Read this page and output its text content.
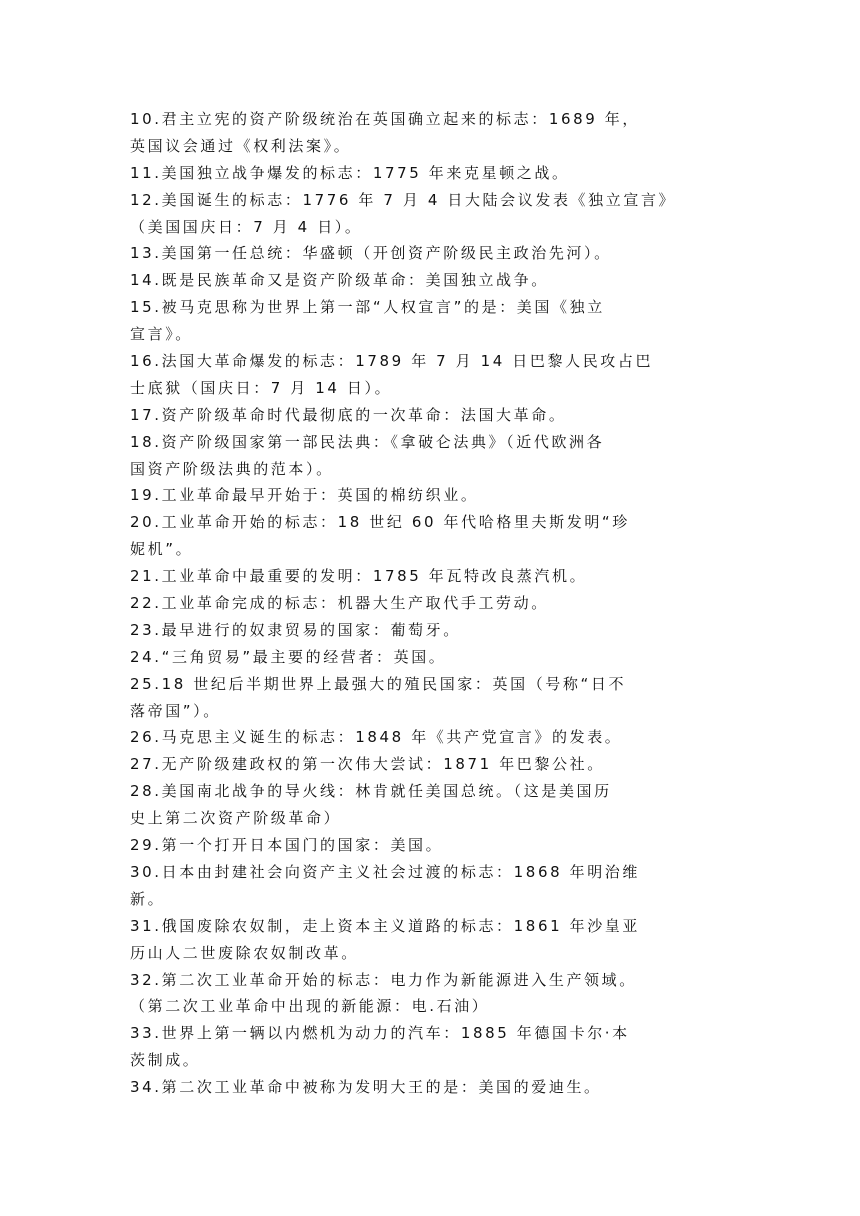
10.君主立宪的资产阶级统治在英国确立起来的标志：1689 年，
英国议会通过《权利法案》。
11.美国独立战争爆发的标志：1775 年来克星顿之战。
12.美国诞生的标志：1776 年 7 月 4 日大陆会议发表《独立宣言》
（美国国庆日：7 月 4 日）。
13.美国第一任总统：华盛顿（开创资产阶级民主政治先河）。
14.既是民族革命又是资产阶级革命：美国独立战争。
15.被马克思称为世界上第一部“人权宣言”的是：美国《独立
宣言》。
16.法国大革命爆发的标志：1789 年 7 月 14 日巴黎人民攻占巴
士底狱（国庆日：7 月 14 日）。
17.资产阶级革命时代最彻底的一次革命：法国大革命。
18.资产阶级国家第一部民法典：《拿破仑法典》（近代欧洲各
国资产阶级法典的范本）。
19.工业革命最早开始于：英国的棉纺织业。
20.工业革命开始的标志：18 世纪 60 年代哈格里夫斯发明“珍
妮机”。
21.工业革命中最重要的发明：1785 年瓦特改良蒸汽机。
22.工业革命完成的标志：机器大生产取代手工劳动。
23.最早进行的奴隶贸易的国家：葡萄牙。
24.“三角贸易”最主要的经营者：英国。
25.18 世纪后半期世界上最强大的殖民国家：英国（号称“日不
落帝国”）。
26.马克思主义诞生的标志：1848 年《共产党宣言》的发表。
27.无产阶级建政权的第一次伟大尝试：1871 年巴黎公社。
28.美国南北战争的导火线：林肯就任美国总统。（这是美国历
史上第二次资产阶级革命）
29.第一个打开日本国门的国家：美国。
30.日本由封建社会向资产主义社会过渡的标志：1868 年明治维
新。
31.俄国废除农奴制，走上资本主义道路的标志：1861 年沙皇亚
历山人二世废除农奴制改革。
32.第二次工业革命开始的标志：电力作为新能源进入生产领域。
（第二次工业革命中出现的新能源：电.石油）
33.世界上第一辆以内燃机为动力的汽车：1885 年德国卡尔·本
茨制成。
34.第二次工业革命中被称为发明大王的是：美国的爱迪生。
